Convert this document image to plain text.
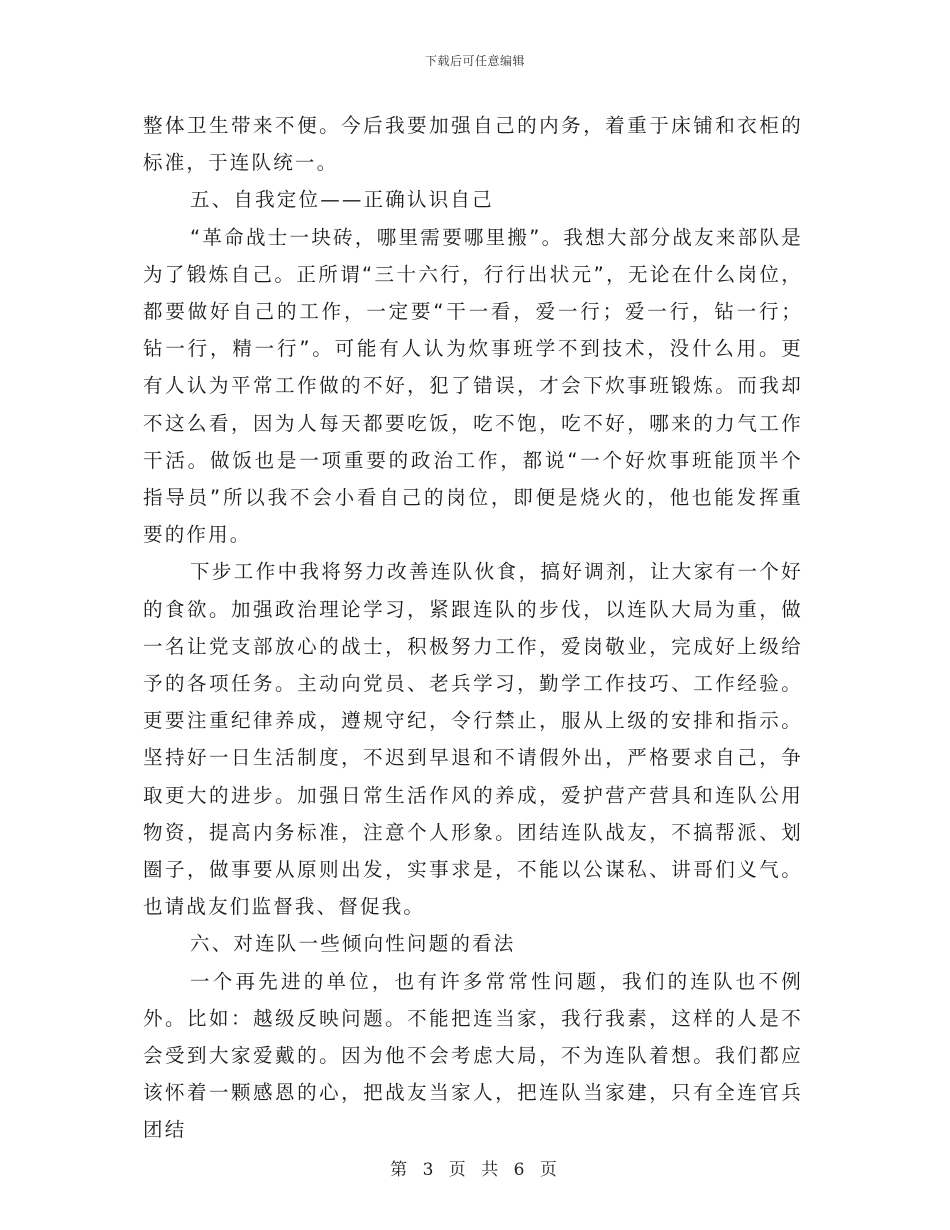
下载后可任意编辑

整体卫生带来不便。今后我要加强自己的内务，着重于床铺和衣柜的标准，于连队统一。

五、自我定位——正确认识自己

“革命战士一块砖，哪里需要哪里搬”。我想大部分战友来部队是为了锻炼自己。正所谓“三十六行，行行出状元”，无论在什么岗位，都要做好自己的工作，一定要“干一看，爱一行；爱一行，钻一行；钻一行，精一行”。可能有人认为炊事班学不到技术，没什么用。更有人认为平常工作做的不好，犯了错误，才会下炊事班锻炼。而我却不这么看，因为人每天都要吃饭，吃不饱，吃不好，哪来的力气工作干活。做饭也是一项重要的政治工作，都说“一个好炊事班能顶半个指导员”所以我不会小看自己的岗位，即便是烧火的，他也能发挥重要的作用。

下步工作中我将努力改善连队伙食，搞好调剂，让大家有一个好的食欲。加强政治理论学习，紧跟连队的步伐，以连队大局为重，做一名让党支部放心的战士，积极努力工作，爱岗敬业，完成好上级给予的各项任务。主动向党员、老兵学习，勤学工作技巧、工作经验。更要注重纪律养成，遵规守纪，令行禁止，服从上级的安排和指示。坚持好一日生活制度，不迟到早退和不请假外出，严格要求自己，争取更大的进步。加强日常生活作风的养成，爱护营产营具和连队公用物资，提高内务标准，注意个人形象。团结连队战友，不搞帮派、划圈子，做事要从原则出发，实事求是，不能以公谋私、讲哥们义气。也请战友们监督我、督促我。

六、对连队一些倾向性问题的看法

一个再先进的单位，也有许多常常性问题，我们的连队也不例外。比如：越级反映问题。不能把连当家，我行我素，这样的人是不会受到大家爱戴的。因为他不会考虑大局，不为连队着想。我们都应该怀着一颗感恩的心，把战友当家人，把连队当家建，只有全连官兵团结

第 3 页 共 6 页
